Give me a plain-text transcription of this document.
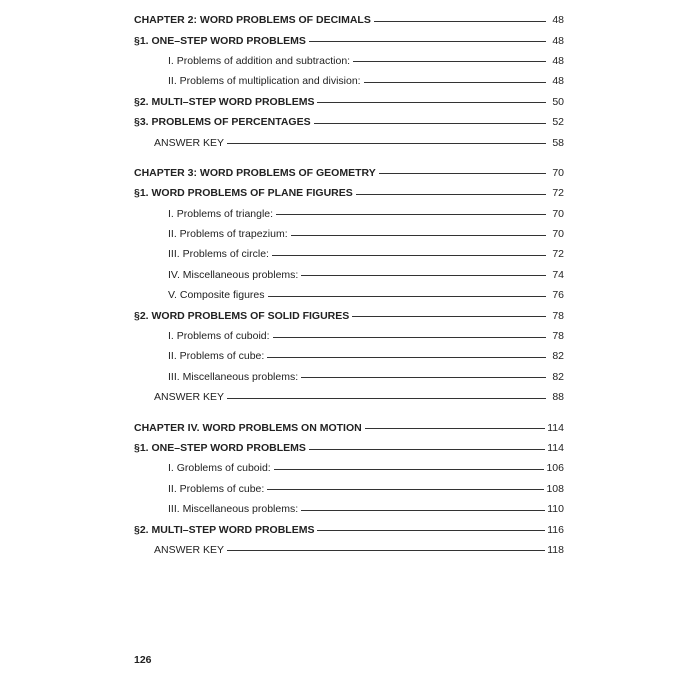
CHAPTER 2: WORD PROBLEMS OF DECIMALS	48
§1. ONE–STEP WORD PROBLEMS	48
I. Problems of addition and subtraction:	48
II. Problems of multiplication and division:	48
§2. MULTI–STEP WORD PROBLEMS	50
§3. PROBLEMS OF PERCENTAGES	52
ANSWER KEY	58
CHAPTER 3: WORD PROBLEMS OF GEOMETRY	70
§1. WORD PROBLEMS OF PLANE FIGURES	72
I. Problems of triangle:	70
II. Problems of trapezium:	70
III. Problems of circle:	72
IV. Miscellaneous problems:	74
V. Composite figures	76
§2. WORD PROBLEMS OF SOLID FIGURES	78
I. Problems of cuboid:	78
II. Problems of cube:	82
III. Miscellaneous problems:	82
ANSWER KEY	88
CHAPTER IV. WORD PROBLEMS ON MOTION	114
§1. ONE–STEP WORD PROBLEMS	114
I. Groblems of cuboid:	106
II. Problems of cube:	108
III. Miscellaneous problems:	110
§2. MULTI–STEP WORD PROBLEMS	116
ANSWER KEY	118
126
